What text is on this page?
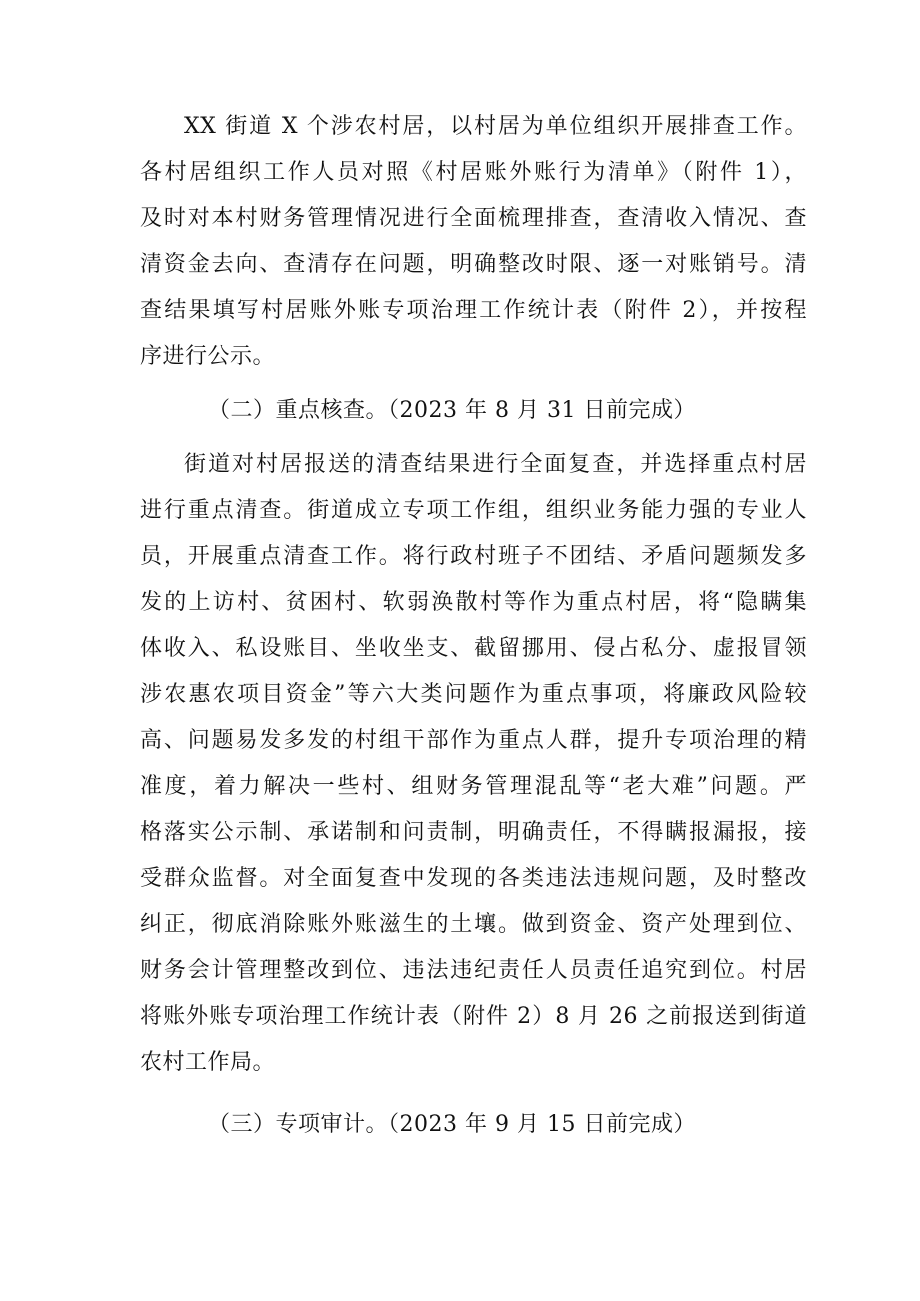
XX 街道 X 个涉农村居，以村居为单位组织开展排查工作。
各村居组织工作人员对照《村居账外账行为清单》（附件 1），
及时对本村财务管理情况进行全面梳理排查，查清收入情况、查
清资金去向、查清存在问题，明确整改时限、逐一对账销号。清
查结果填写村居账外账专项治理工作统计表（附件 2），并按程
序进行公示。
（二）重点核查。（2023 年 8 月 31 日前完成）
街道对村居报送的清查结果进行全面复查，并选择重点村居
进行重点清查。街道成立专项工作组，组织业务能力强的专业人
员，开展重点清查工作。将行政村班子不团结、矛盾问题频发多
发的上访村、贫困村、软弱涣散村等作为重点村居，将“隐瞒集
体收入、私设账目、坐收坐支、截留挪用、侵占私分、虚报冒领
涉农惠农项目资金”等六大类问题作为重点事项，将廉政风险较
高、问题易发多发的村组干部作为重点人群，提升专项治理的精
准度，着力解决一些村、组财务管理混乱等“老大难”问题。严
格落实公示制、承诺制和问责制，明确责任，不得瞒报漏报，接
受群众监督。对全面复查中发现的各类违法违规问题，及时整改
纠正，彻底消除账外账滋生的土壤。做到资金、资产处理到位、
财务会计管理整改到位、违法违纪责任人员责任追究到位。村居
将账外账专项治理工作统计表（附件 2）8 月 26 之前报送到街道
农村工作局。
（三）专项审计。（2023 年 9 月 15 日前完成）
